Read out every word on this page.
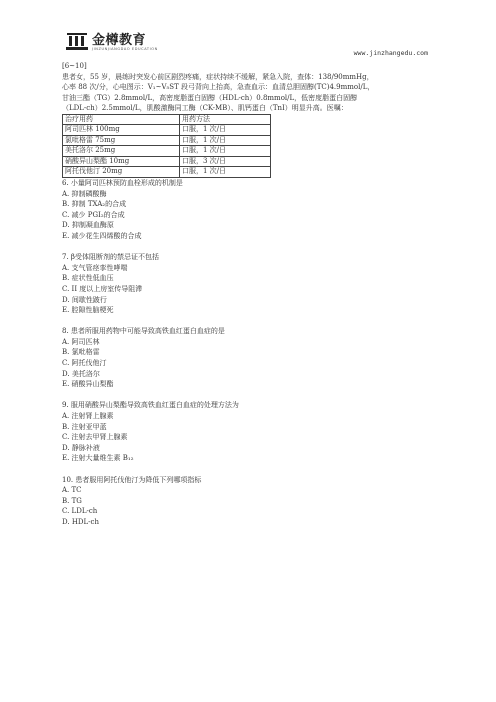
金樽教育
JINZUNJIANGDAO EDUCATION	www.jinzhangedu.com

[6~10]

患者女，55 岁，晨练时突发心前区剧烈疼痛，症状持续不缓解，紧急入院，查体：138/90mmHg，

心率 88 次/分，心电图示：V₁~V₅ST 段弓背向上抬高，急查血示：血清总胆固醇(TC)4.9mmol/L，

甘油三酯（TG）2.8mmol/L，高密度脂蛋白固醇（HDL-ch）0.8mmol/L，低密度脂蛋白固醇

（LDL-ch）2.5mmol/L，肌酸激酶同工酶（CK-MB）、肌钙蛋白（TnI）明显升高。医嘱：

治疗用药	用药方法
阿司匹林 100mg	口服，1 次/日
氯吡格雷 75mg	口服，1 次/日
美托洛尔 25mg	口服，1 次/日
硝酸异山梨酯 10mg	口服，3 次/日
阿托伐他汀 20mg	口服，1 次/日

6. 小量阿司匹林预防血栓形成的机制是

A. 抑制磷酸酶

B. 抑制 TXA₂的合成

C. 减少 PGI₂的合成

D. 抑制凝血酶原

E. 减少花生四烯酸的合成

7. β受体阻断剂的禁忌证不包括

A. 支气管痉挛性哮喘

B. 症状性低血压

C. II 度以上房室传导阻滞

D. 间歇性跛行

E. 腔隙性脑梗死

8. 患者所服用药物中可能导致高铁血红蛋白血症的是

A. 阿司匹林

B. 氯吡格雷

C. 阿托伐他汀

D. 美托洛尔

E. 硝酸异山梨酯

9. 服用硝酸异山梨酯导致高铁血红蛋白血症的处理方法为

A. 注射肾上腺素

B. 注射亚甲蓝

C. 注射去甲肾上腺素

D. 静脉补液

E. 注射大量维生素 B₁₂

10. 患者服用阿托伐他汀为降低下列哪项指标

A. TC

B. TG

C. LDL-ch

D. HDL-ch
